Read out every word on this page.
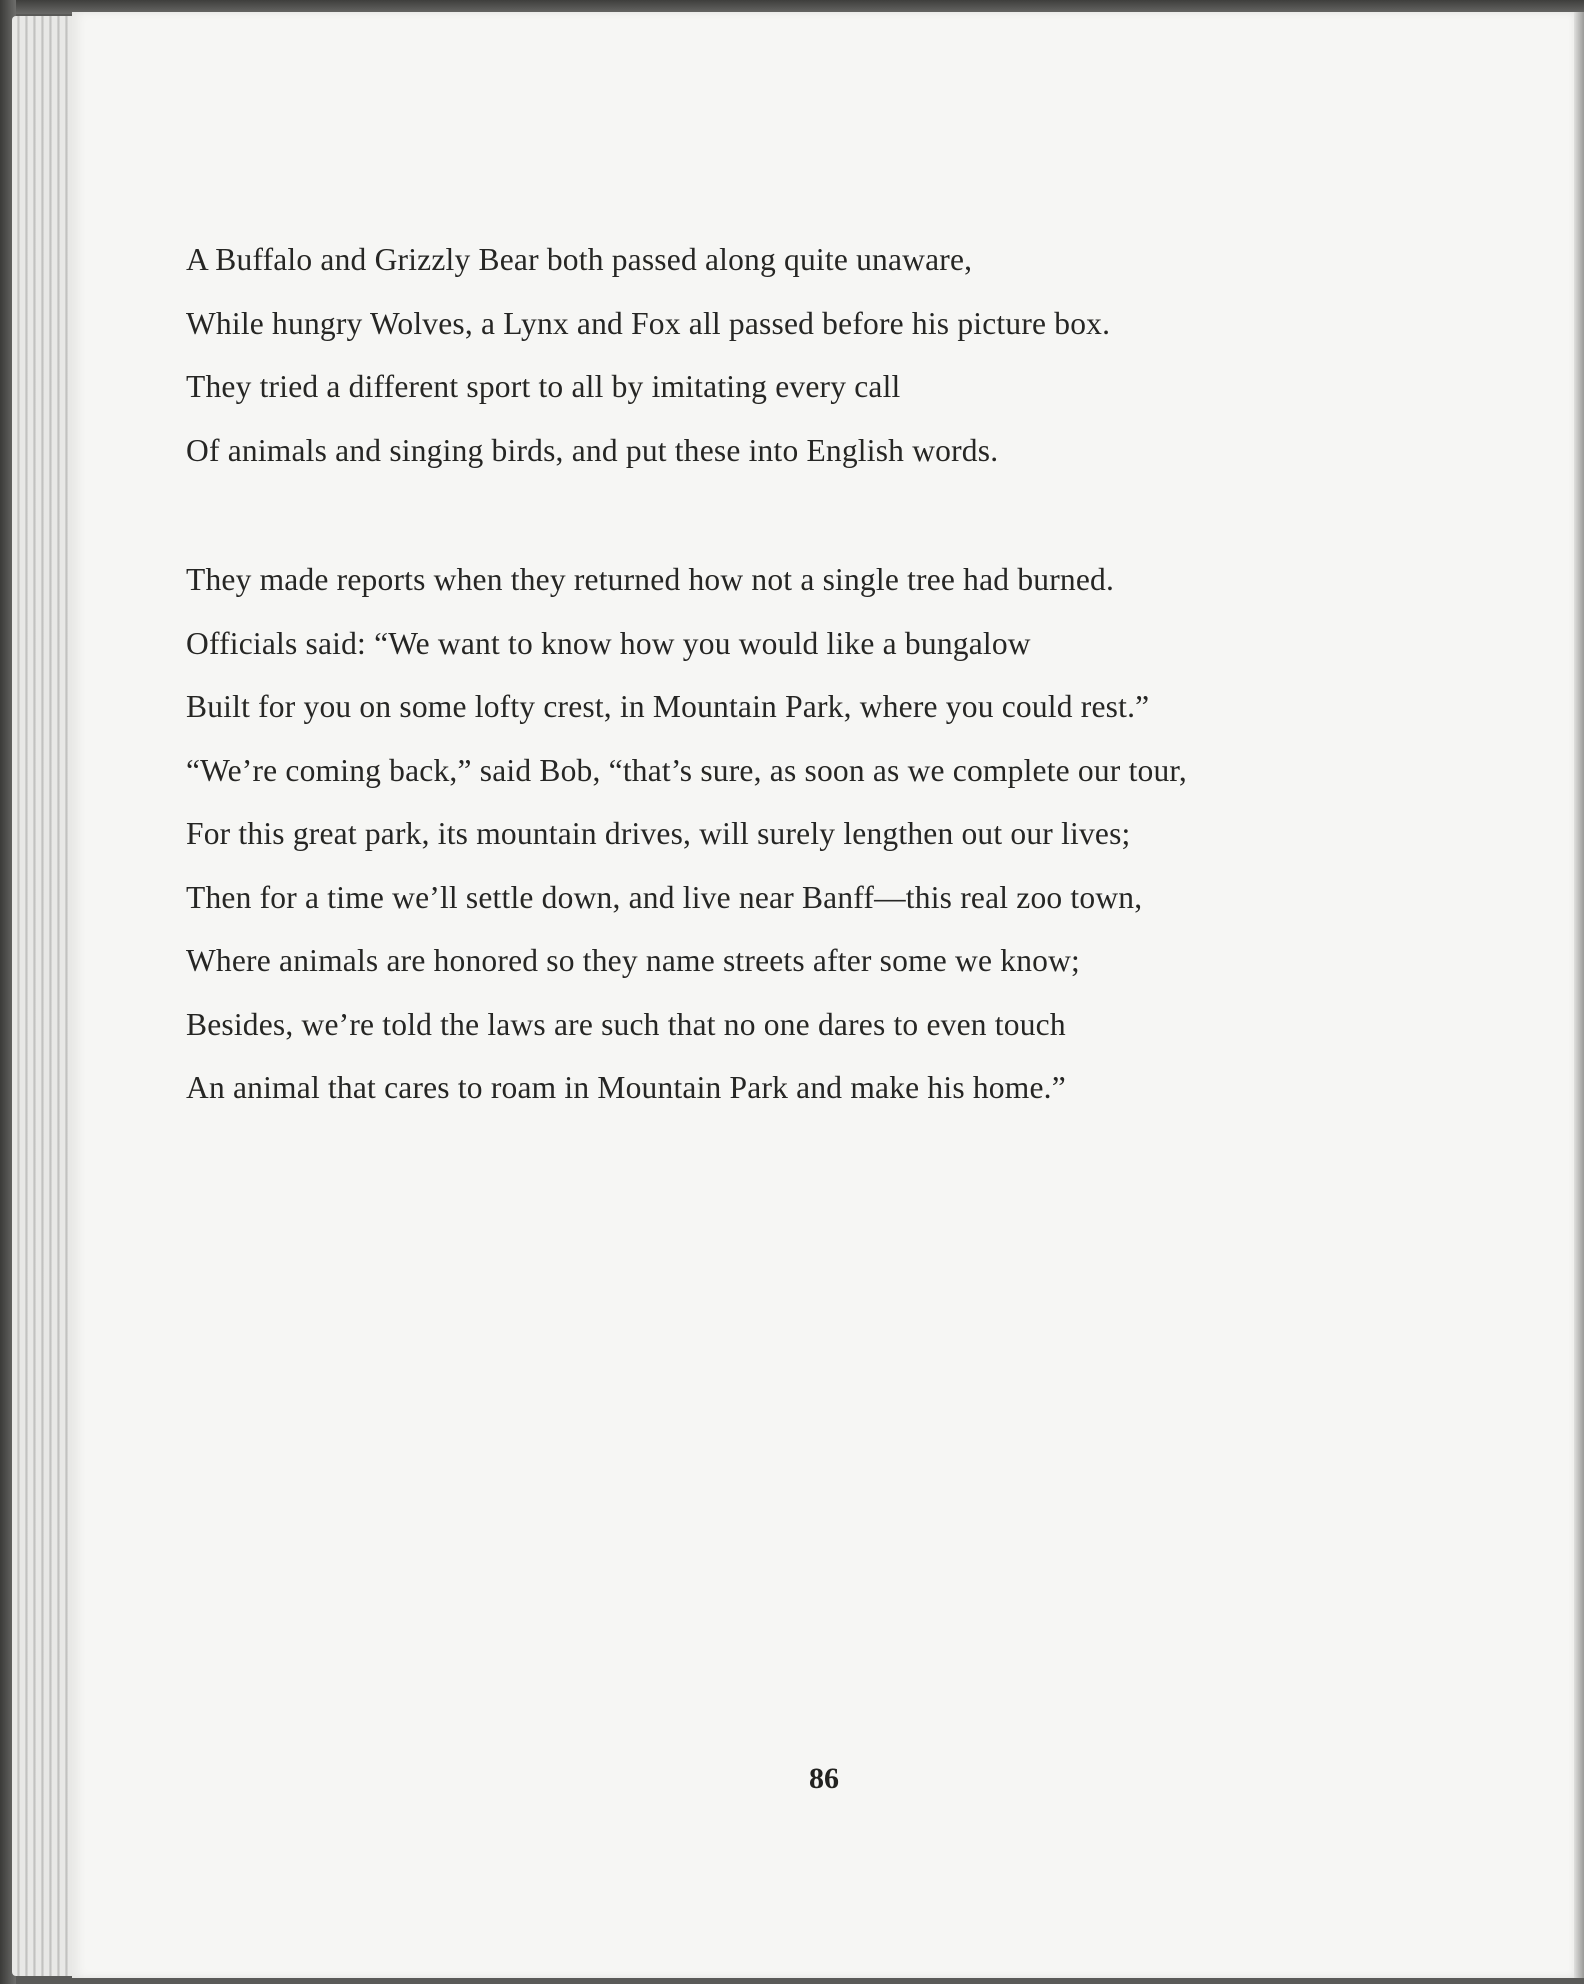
A Buffalo and Grizzly Bear both passed along quite unaware,
While hungry Wolves, a Lynx and Fox all passed before his picture box.
They tried a different sport to all by imitating every call
Of animals and singing birds, and put these into English words.
They made reports when they returned how not a single tree had burned.
Officials said: “We want to know how you would like a bungalow
Built for you on some lofty crest, in Mountain Park, where you could rest.”
“We’re coming back,” said Bob, “that’s sure, as soon as we complete our tour,
For this great park, its mountain drives, will surely lengthen out our lives;
Then for a time we’ll settle down, and live near Banff—this real zoo town,
Where animals are honored so they name streets after some we know;
Besides, we’re told the laws are such that no one dares to even touch
An animal that cares to roam in Mountain Park and make his home.”
86
